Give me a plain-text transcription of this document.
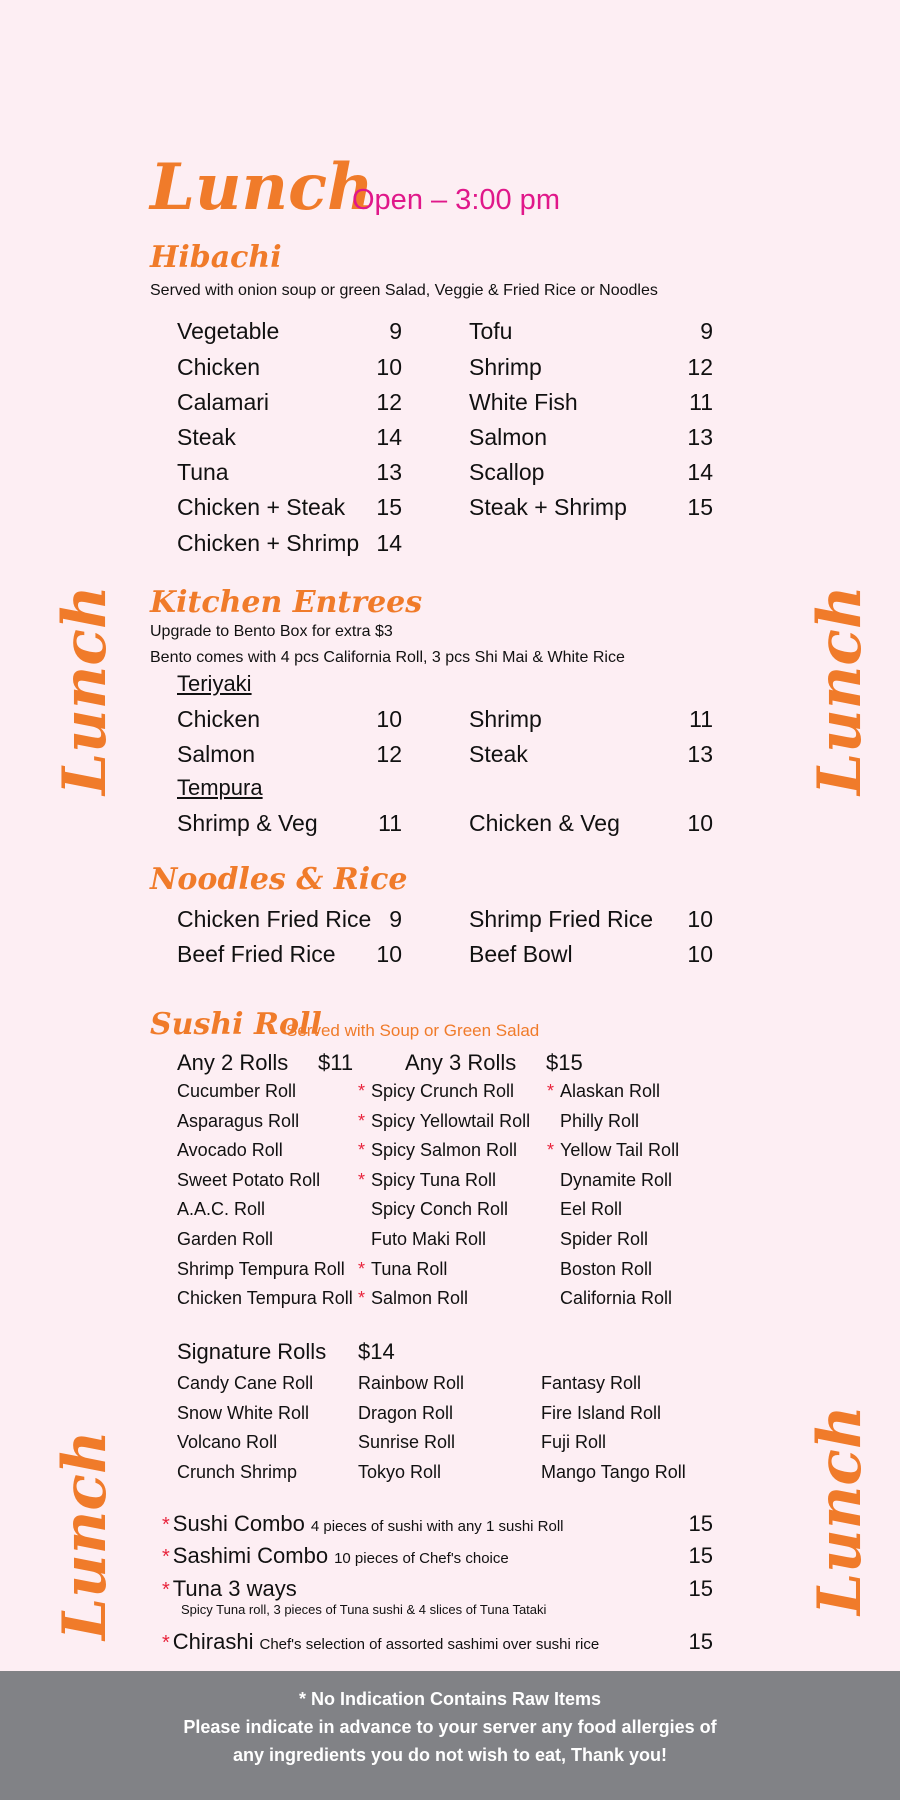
Lunch	Lunch
Lunch	Lunch
Lunch
Open – 3:00 pm
Hibachi
Served with onion soup or green Salad, Veggie & Fried Rice or Noodles
Vegetable	9
Chicken	10
Calamari	12
Steak	14
Tuna	13
Chicken + Steak	15
Chicken + Shrimp 14
Tofu	9
Shrimp	12
White Fish	11
Salmon	13
Scallop	14
Steak + Shrimp	15
Kitchen Entrees
Upgrade to Bento Box for extra $3
Bento comes with 4 pcs California Roll, 3 pcs Shi Mai & White Rice
Teriyaki
Chicken	10	Shrimp	11
Salmon	12	Steak	13
Shrimp & Veg	11	Chicken & Veg	10
Tempura
Noodles & Rice
Chicken Fried Rice 9	Shrimp Fried Rice	10
Beef Fried Rice	10	Beef Bowl	10
Sushi Roll
Served with Soup or Green Salad
Any 2 Rolls $11 Any 3 Rolls $15
Cucumber Roll
Asparagus Roll
Avocado Roll
Sweet Potato Roll
A.A.C. Roll
Garden Roll
Shrimp Tempura Roll
Chicken Tempura Roll
* Spicy Crunch Roll
* Spicy Yellowtail Roll
* Spicy Salmon Roll
* Spicy Tuna Roll
Spicy Conch Roll
Futo Maki Roll
* Tuna Roll
* Salmon Roll
* Alaskan Roll
Philly Roll
* Yellow Tail Roll
Dynamite Roll
Eel Roll
Spider Roll
Boston Roll
California Roll
Signature Rolls $14
Candy Cane Roll
Snow White Roll
Volcano Roll
Crunch Shrimp
Rainbow Roll
Dragon Roll
Sunrise Roll
Tokyo Roll
Fantasy Roll
Fire Island Roll
Fuji Roll
Mango Tango Roll
* Sushi Combo 4 pieces of sushi with any 1 sushi Roll	15
* Sashimi Combo 10 pieces of Chef's choice	15
* Tuna 3 ways	15
Spicy Tuna roll, 3 pieces of Tuna sushi & 4 slices of Tuna Tataki
* Chirashi Chef's selection of assorted sashimi over sushi rice	15
* No Indication Contains Raw Items
Please indicate in advance to your server any food allergies of
any ingredients you do not wish to eat, Thank you!
